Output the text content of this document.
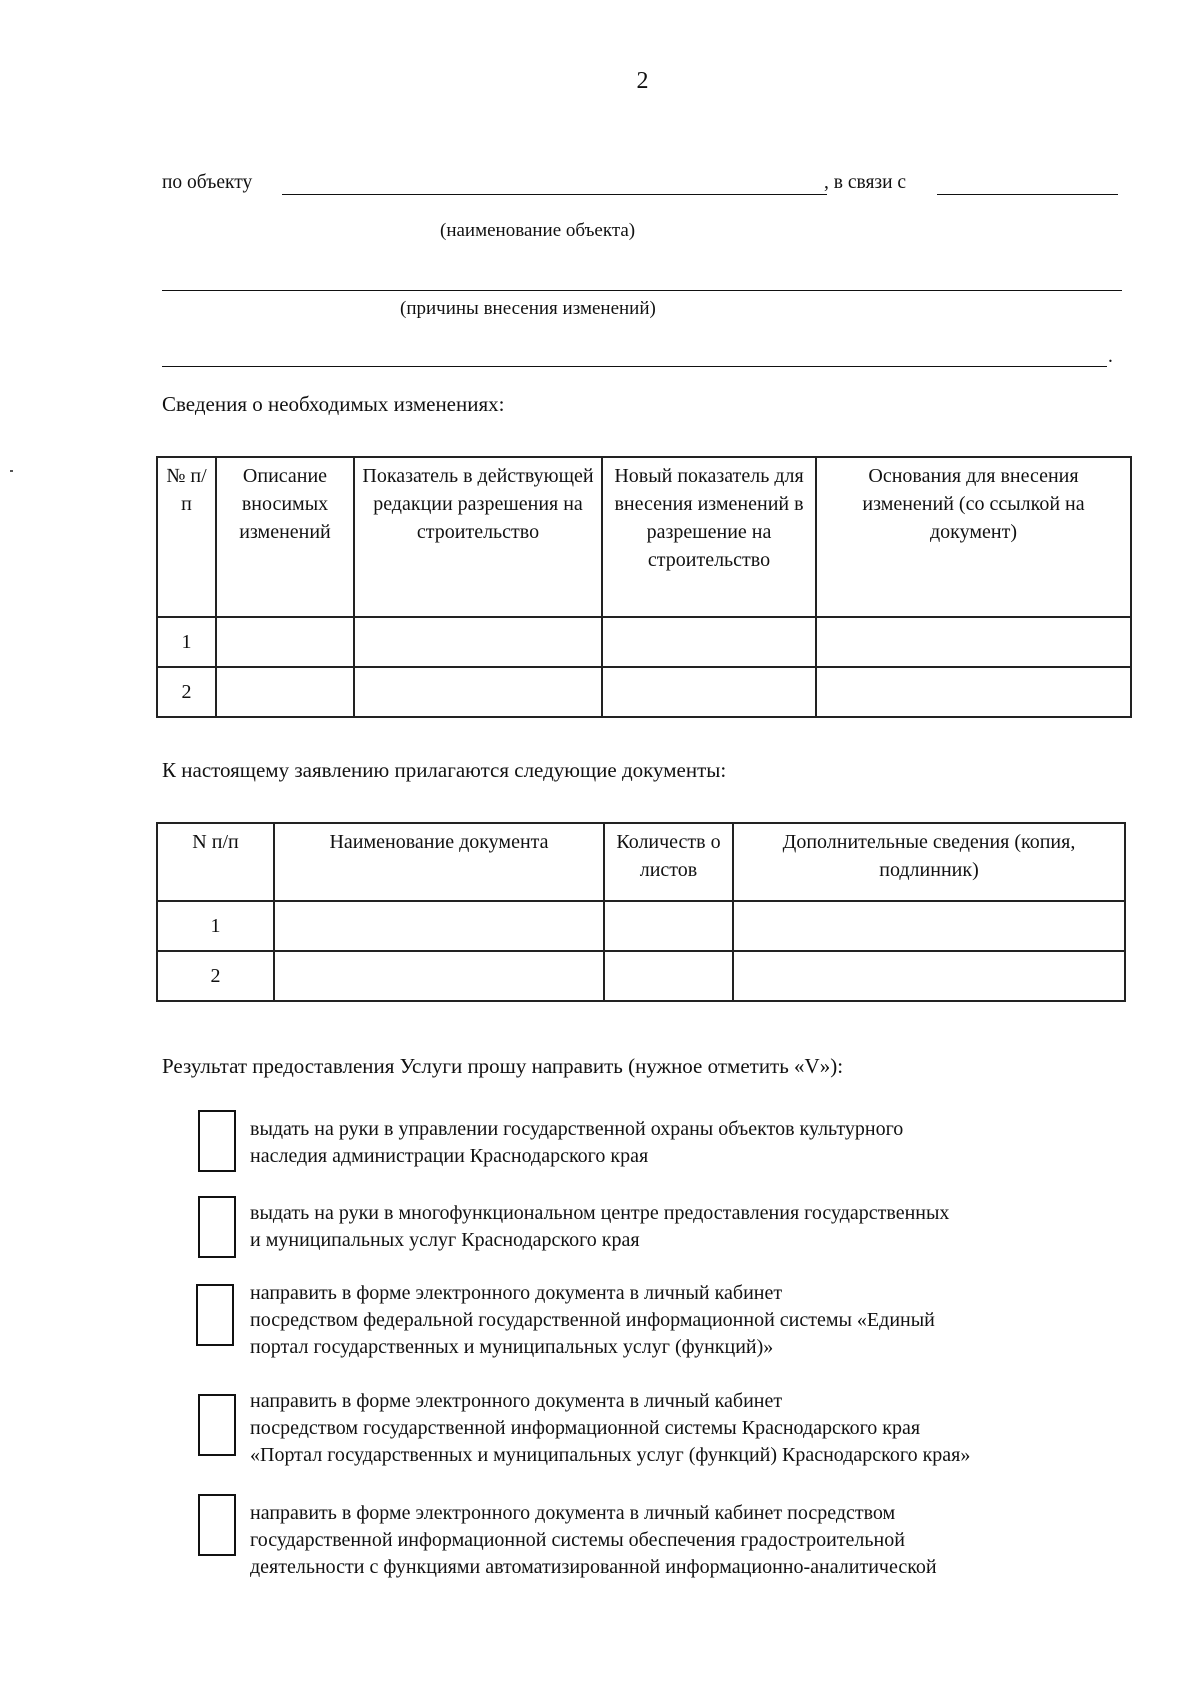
2
по объекту	, в связи с
(наименование объекта)
(причины внесения изменений)
.
Сведения о необходимых изменениях:
№ п/п	Описание вносимых изменений	Показатель в действующей редакции разрешения на строительство	Новый показатель для внесения изменений в разрешение на строительство	Основания для внесения изменений (со ссылкой на документ)
1				
2				
К настоящему заявлению прилагаются следующие документы:
N п/п	Наименование документа	Количеств о листов	Дополнительные сведения (копия, подлинник)
1			
2			
Результат предоставления Услуги прошу направить (нужное отметить «V»):
выдать на руки в управлении государственной охраны объектов культурного
наследия администрации Краснодарского края
выдать на руки в многофункциональном центре предоставления государственных
и муниципальных услуг Краснодарского края
направить в форме электронного документа в личный кабинет
посредством федеральной государственной информационной системы «Единый
портал государственных и муниципальных услуг (функций)»
направить в форме электронного документа в личный кабинет
посредством государственной информационной системы Краснодарского края
«Портал государственных и муниципальных услуг (функций) Краснодарского края»
направить в форме электронного документа в личный кабинет посредством
государственной информационной системы обеспечения градостроительной
деятельности с функциями автоматизированной информационно-аналитической
